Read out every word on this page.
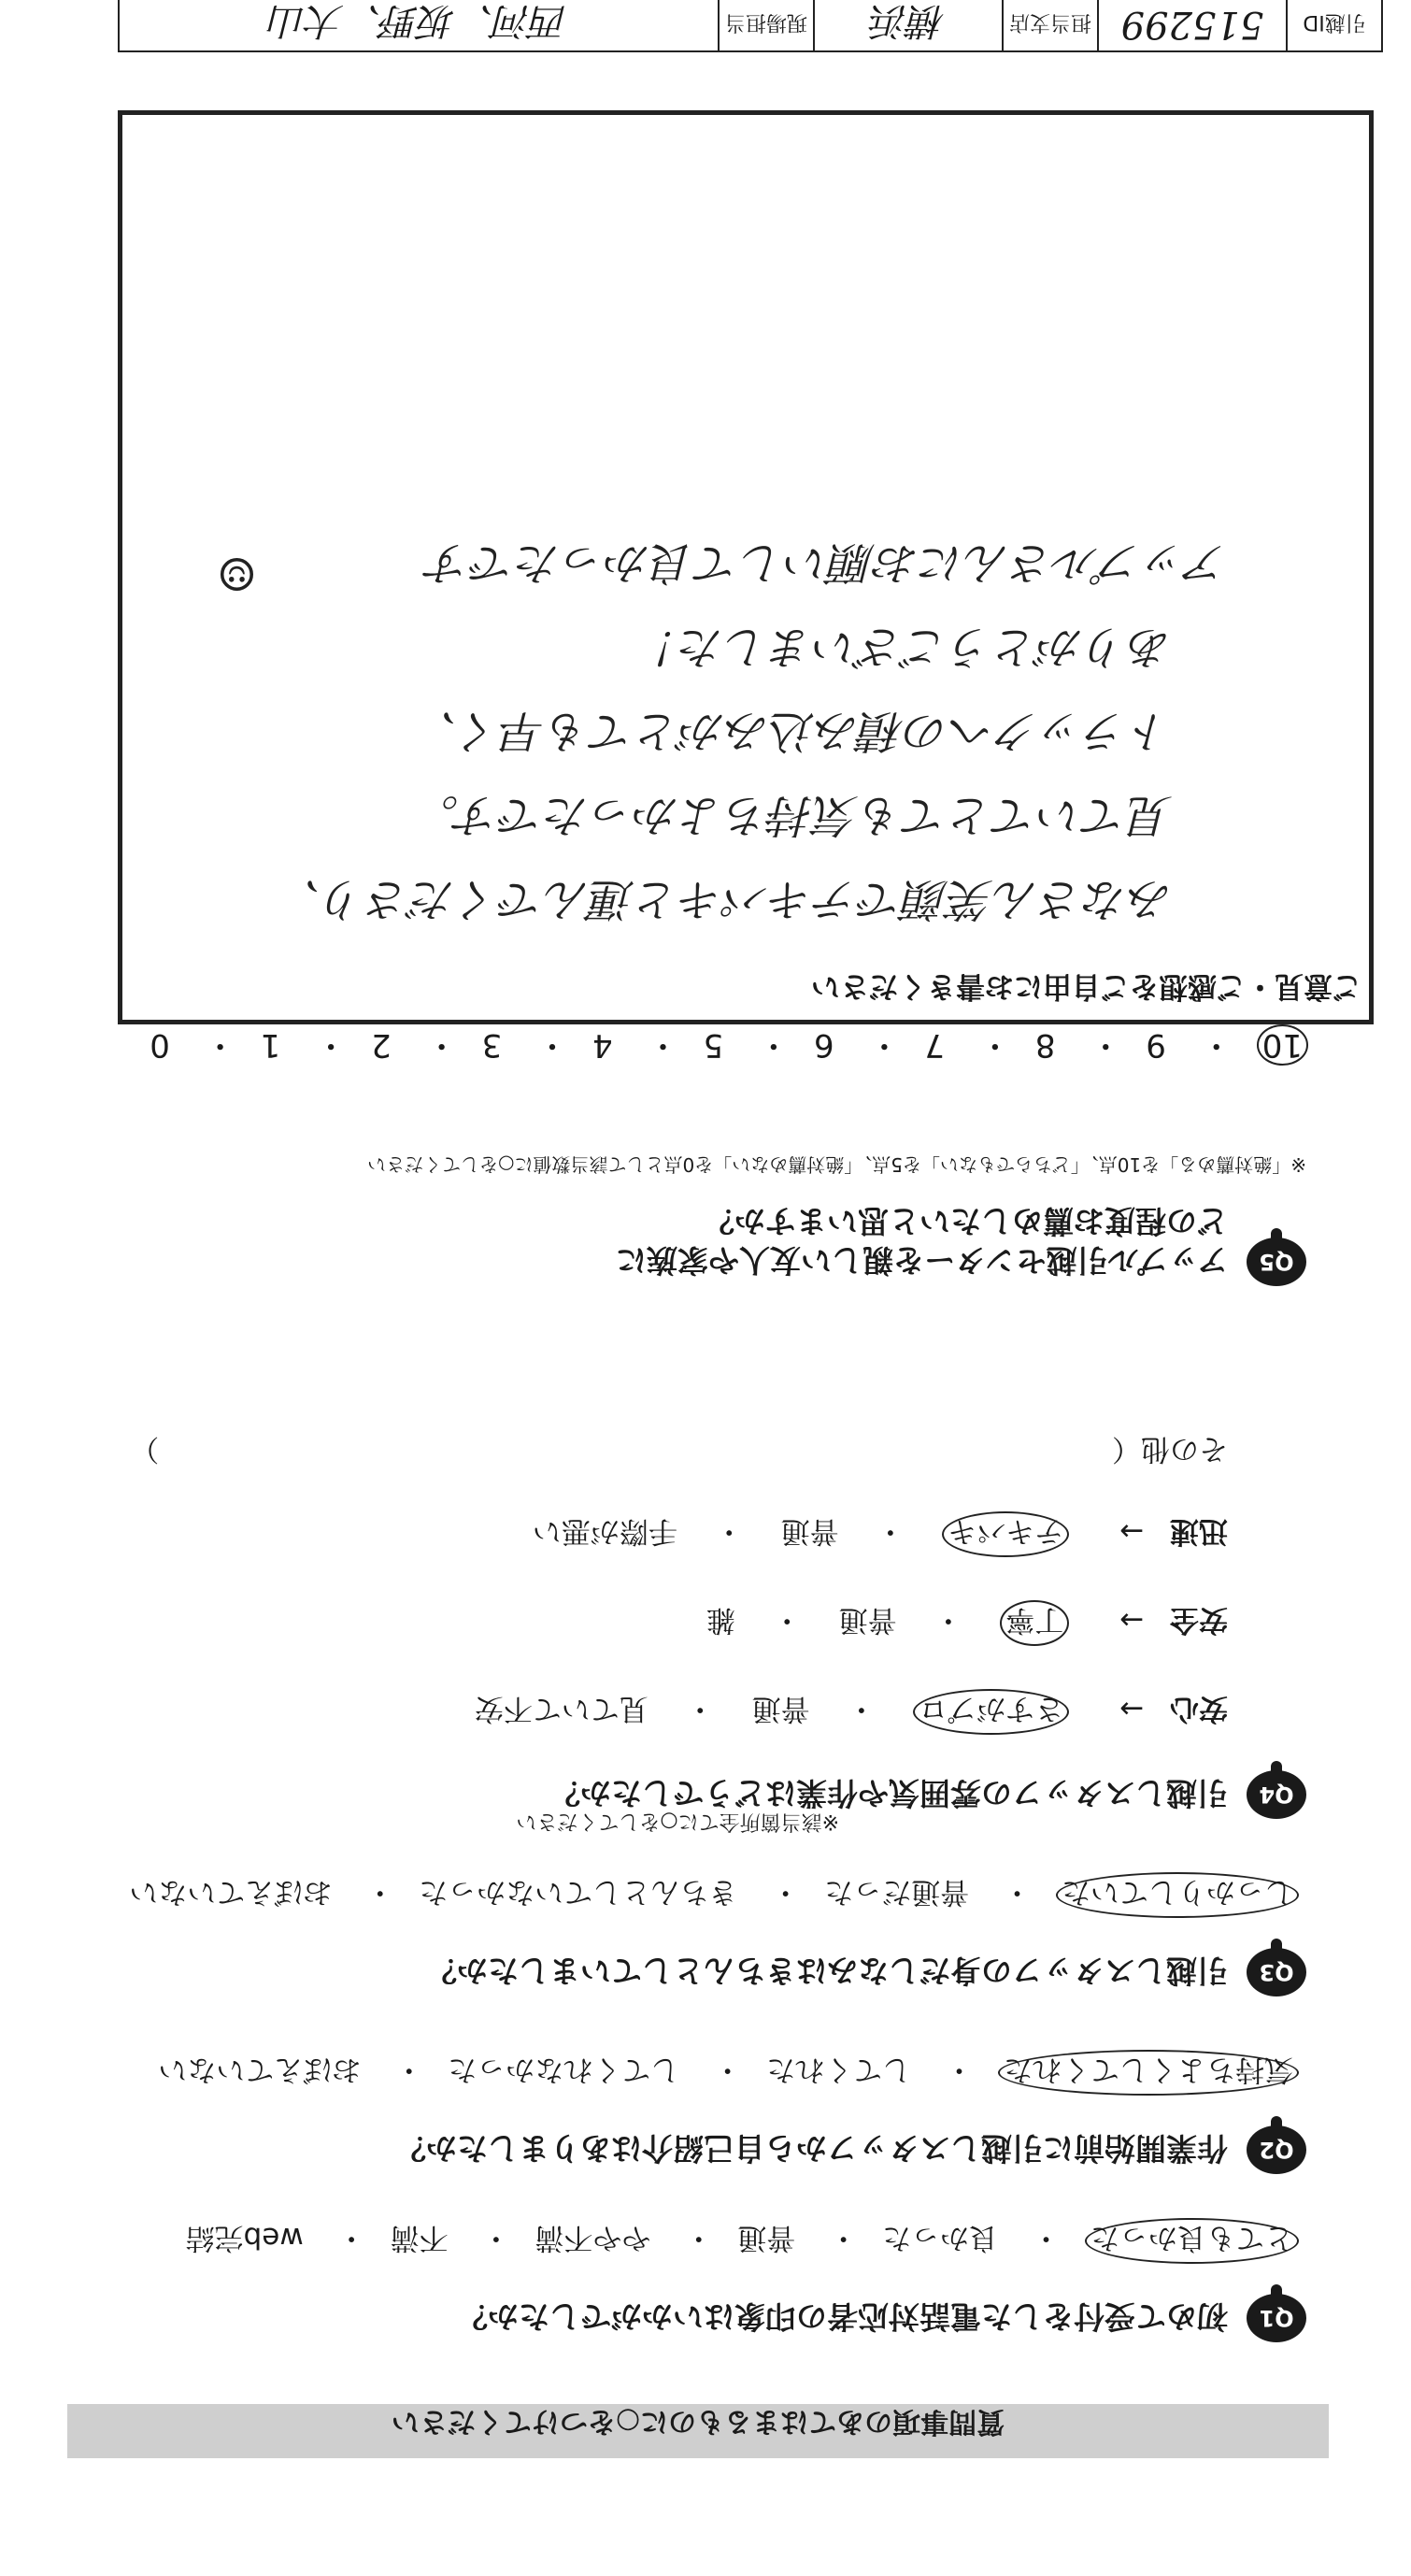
質問事項のあてはまるものに○をつけてください
Q1
初めて受付をした電話対応者の印象はいかがでしたか？
とても良かった・ 良かった・ 普通・ やや不満・ 不満・ web完結
Q2
作業開始前に引越しスタッフから自己紹介はありましたか？
気持ちよくしてくれた・ してくれた・ してくれなかった・ おぼえていない
Q3
引越しスタッフの身だしなみはきちんとしていましたか？
しっかりしていた・ 普通だった・ きちんとしていなかった・ おぼえていない
Q4
引越しスタッフの雰囲気や作業はどうでしたか？
※該当箇所全てに○をしてください
安心 → さすがプロ ・ 普通 ・ 見ていて不安
安全 → 丁寧 ・ 普通 ・ 雑
迅速 → テキパキ ・ 普通 ・ 手際が悪い
その他（  ）
Q5
アップル引越センターを親しい友人や家族に
どの程度お薦めしたいと思いますか？
※「絶対薦める」を10点、「どちらでもない」を5点、「絶対薦めない」を0点として該当数値に○をしてください
10・ 9・ 8・ 7・ 6・ 5・ 4・ 3・ 2・ 1・ 0
ご意見・ご感想をご自由にお書きください
みなさん笑顔でテキパキと運んでくださり、
見ていてとても気持ちよかったです。
トラックへの積み込みがとても早く、
ありがとうございました！
アップルさんにお願いして良かったです
☺
引越ID
515299
担当支店
横浜
現場担当
西河、坂野、大山
